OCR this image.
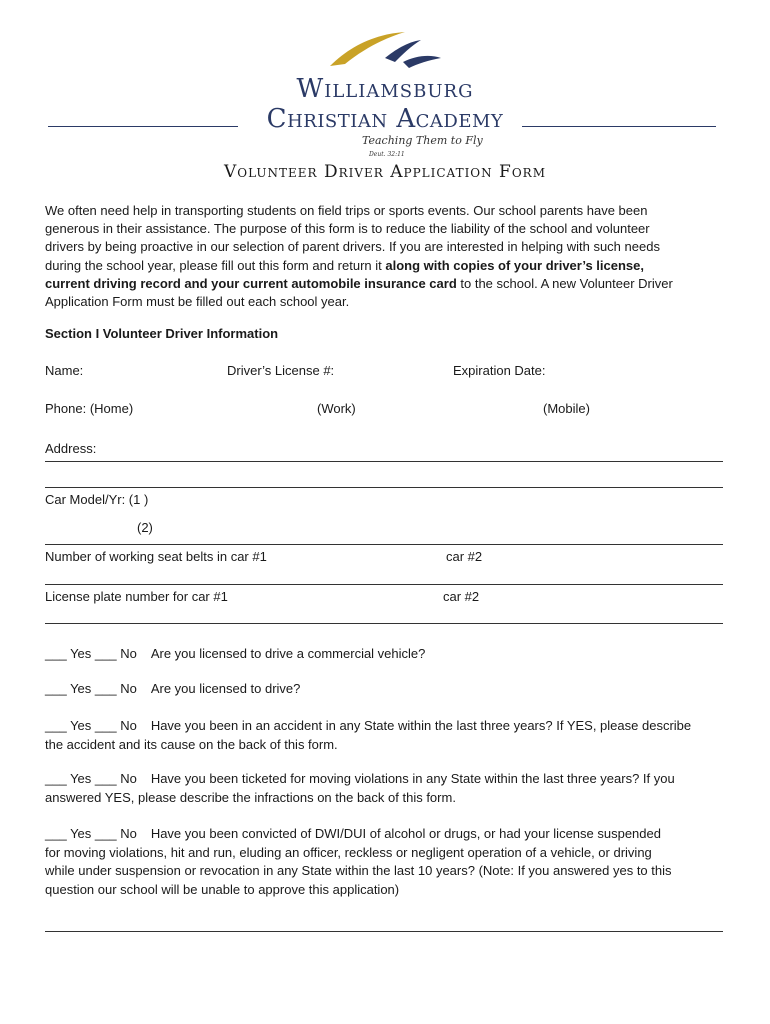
Williamsburg
Christian Academy
Teaching Them to Fly
Deut. 32:11
Volunteer Driver Application Form
We often need help in transporting students on field trips or sports events. Our school parents have been
generous in their assistance. The purpose of this form is to reduce the liability of the school and volunteer
drivers by being proactive in our selection of parent drivers. If you are interested in helping with such needs
during the school year, please fill out this form and return it along with copies of your driver’s license,
current driving record and your current automobile insurance card to the school. A new Volunteer Driver
Application Form must be filled out each school year.
Section I Volunteer Driver Information
Name:	Driver’s License #:	Expiration Date:
Phone: (Home)	(Work)	(Mobile)
Address:
Car Model/Yr: (1 )
(2)
Number of working seat belts in car #1	car #2
License plate number for car #1	car #2
___ Yes ___ No Are you licensed to drive a commercial vehicle?
___ Yes ___ No Are you licensed to drive?
___ Yes ___ No Have you been in an accident in any State within the last three years? If YES, please describe
the accident and its cause on the back of this form.
___ Yes ___ No Have you been ticketed for moving violations in any State within the last three years? If you
answered YES, please describe the infractions on the back of this form.
___ Yes ___ No Have you been convicted of DWI/DUI of alcohol or drugs, or had your license suspended
for moving violations, hit and run, eluding an officer, reckless or negligent operation of a vehicle, or driving
while under suspension or revocation in any State within the last 10 years? (Note: If you answered yes to this
question our school will be unable to approve this application)
